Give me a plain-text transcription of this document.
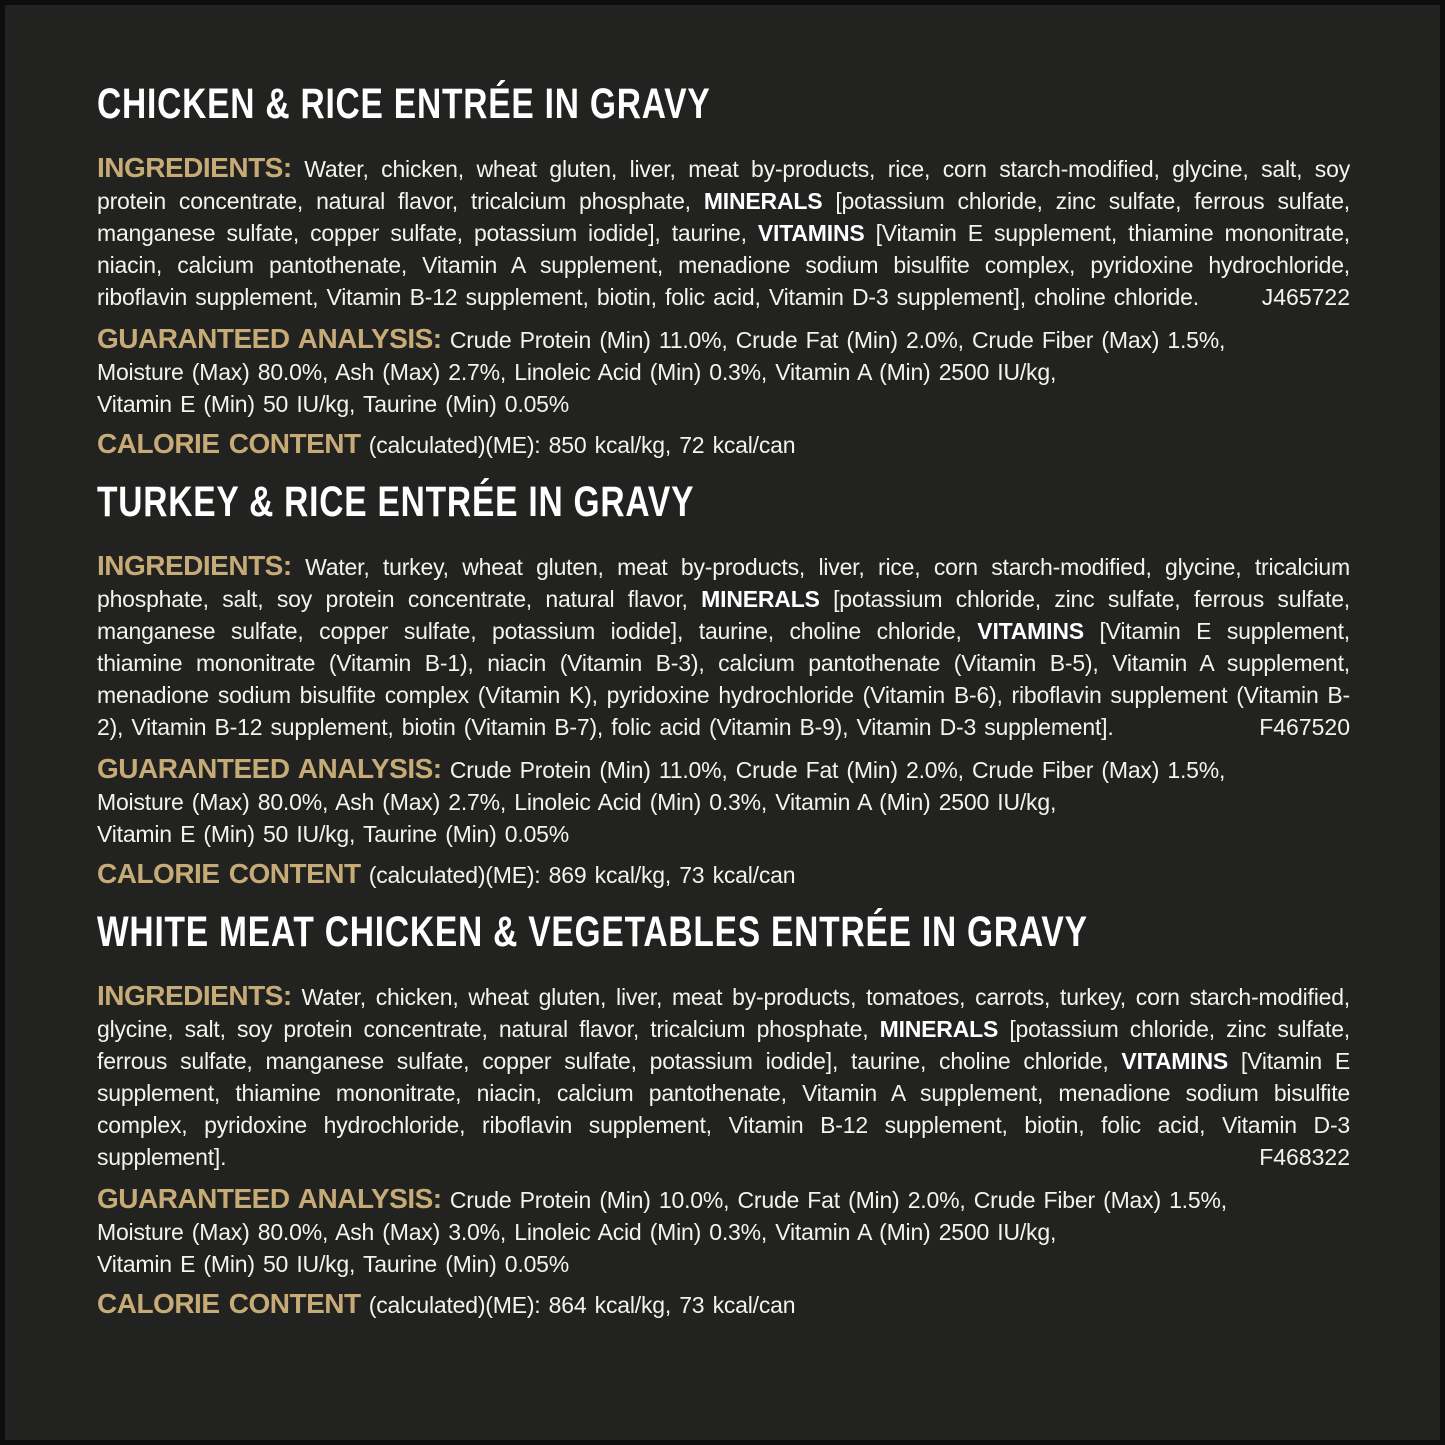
CHICKEN & RICE ENTRÉE IN GRAVY

INGREDIENTS: Water, chicken, wheat gluten, liver, meat by-products, rice, corn starch-modified, glycine, salt, soy protein concentrate, natural flavor, tricalcium phosphate, MINERALS [potassium chloride, zinc sulfate, ferrous sulfate, manganese sulfate, copper sulfate, potassium iodide], taurine, VITAMINS [Vitamin E supplement, thiamine mononitrate, niacin, calcium pantothenate, Vitamin A supplement, menadione sodium bisulfite complex, pyridoxine hydrochloride, riboflavin supplement, Vitamin B-12 supplement, biotin, folic acid, Vitamin D-3 supplement], choline chloride.	J465722

GUARANTEED ANALYSIS: Crude Protein (Min) 11.0%, Crude Fat (Min) 2.0%, Crude Fiber (Max) 1.5%,
Moisture (Max) 80.0%, Ash (Max) 2.7%, Linoleic Acid (Min) 0.3%, Vitamin A (Min) 2500 IU/kg,
Vitamin E (Min) 50 IU/kg, Taurine (Min) 0.05%
CALORIE CONTENT (calculated)(ME): 850 kcal/kg, 72 kcal/can
TURKEY & RICE ENTRÉE IN GRAVY

INGREDIENTS: Water, turkey, wheat gluten, meat by-products, liver, rice, corn starch-modified, glycine, tricalcium phosphate, salt, soy protein concentrate, natural flavor, MINERALS [potassium chloride, zinc sulfate, ferrous sulfate, manganese sulfate, copper sulfate, potassium iodide], taurine, choline chloride, VITAMINS [Vitamin E supplement, thiamine mononitrate (Vitamin B-1), niacin (Vitamin B-3), calcium pantothenate (Vitamin B-5), Vitamin A supplement, menadione sodium bisulfite complex (Vitamin K), pyridoxine hydrochloride (Vitamin B-6), riboflavin supplement (Vitamin B-2), Vitamin B-12 supplement, biotin (Vitamin B-7), folic acid (Vitamin B-9), Vitamin D-3 supplement].	F467520

GUARANTEED ANALYSIS: Crude Protein (Min) 11.0%, Crude Fat (Min) 2.0%, Crude Fiber (Max) 1.5%,
Moisture (Max) 80.0%, Ash (Max) 2.7%, Linoleic Acid (Min) 0.3%, Vitamin A (Min) 2500 IU/kg,
Vitamin E (Min) 50 IU/kg, Taurine (Min) 0.05%
CALORIE CONTENT (calculated)(ME): 869 kcal/kg, 73 kcal/can
WHITE MEAT CHICKEN & VEGETABLES ENTRÉE IN GRAVY

INGREDIENTS: Water, chicken, wheat gluten, liver, meat by-products, tomatoes, carrots, turkey, corn starch-modified, glycine, salt, soy protein concentrate, natural flavor, tricalcium phosphate, MINERALS [potassium chloride, zinc sulfate, ferrous sulfate, manganese sulfate, copper sulfate, potassium iodide], taurine, choline chloride, VITAMINS [Vitamin E supplement, thiamine mononitrate, niacin, calcium pantothenate, Vitamin A supplement, menadione sodium bisulfite complex, pyridoxine hydrochloride, riboflavin supplement, Vitamin B-12 supplement, biotin, folic acid, Vitamin D-3 supplement].	F468322

GUARANTEED ANALYSIS: Crude Protein (Min) 10.0%, Crude Fat (Min) 2.0%, Crude Fiber (Max) 1.5%,
Moisture (Max) 80.0%, Ash (Max) 3.0%, Linoleic Acid (Min) 0.3%, Vitamin A (Min) 2500 IU/kg,
Vitamin E (Min) 50 IU/kg, Taurine (Min) 0.05%
CALORIE CONTENT (calculated)(ME): 864 kcal/kg, 73 kcal/can
